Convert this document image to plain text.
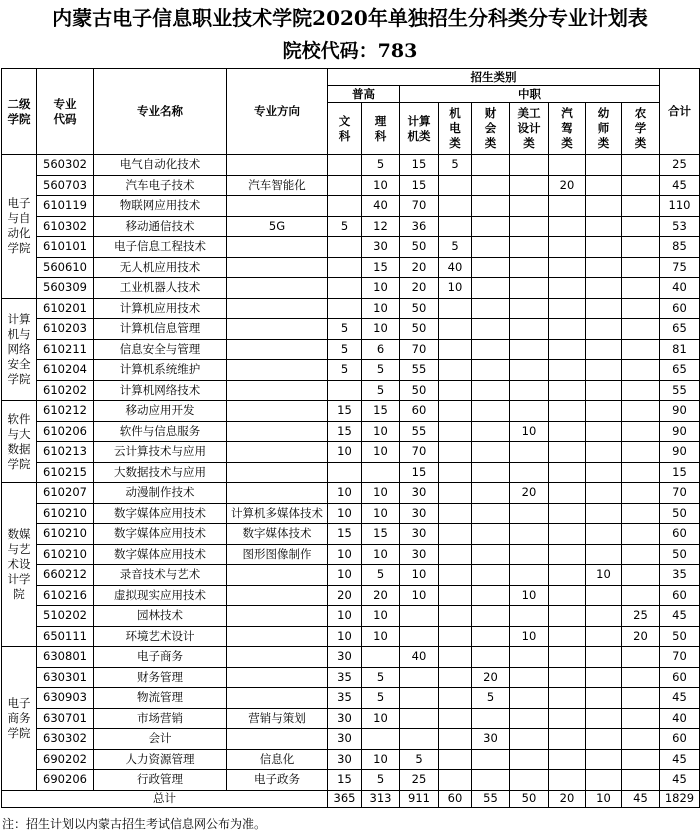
内蒙古电子信息职业技术学院2020年单独招生分科类分专业计划表
院校代码：783
二级学院	专业代码	专业名称	专业方向	招生类别									合计
				普高		中职							
				文科	理科	计算机类	机电类	财会类	美工设计类	汽驾类	幼师类	农学类	
电子与自动化学院	560302	电气自动化技术			5	15	5						25
	560703	汽车电子技术	汽车智能化		10	15				20			45
	610119	物联网应用技术			40	70							110
	610302	移动通信技术	5G	5	12	36							53
	610101	电子信息工程技术			30	50	5						85
	560610	无人机应用技术			15	20	40						75
	560309	工业机器人技术			10	20	10						40
计算机与网络安全学院	610201	计算机应用技术			10	50							60
	610203	计算机信息管理		5	10	50							65
	610211	信息安全与管理		5	6	70							81
	610204	计算机系统维护		5	5	55							65
	610202	计算机网络技术			5	50							55
软件与大数据学院	610212	移动应用开发		15	15	60							90
	610206	软件与信息服务		15	10	55			10				90
	610213	云计算技术与应用		10	10	70							90
	610215	大数据技术与应用				15							15
数媒与艺术设计学院	610207	动漫制作技术		10	10	30			20				70
	610210	数字媒体应用技术	计算机多媒体技术	10	10	30							50
	610210	数字媒体应用技术	数字媒体技术	15	15	30							60
	610210	数字媒体应用技术	图形图像制作	10	10	30							50
	660212	录音技术与艺术		10	5	10					10		35
	610216	虚拟现实应用技术		20	20	10			10				60
	510202	园林技术		10	10							25	45
	650111	环境艺术设计		10	10				10			20	50
电子商务学院	630801	电子商务		30		40							70
	630301	财务管理		35	5			20					60
	630903	物流管理		35	5			5					45
	630701	市场营销	营销与策划	30	10								40
	630302	会计		30				30					60
	690202	人力资源管理	信息化	30	10	5							45
	690206	行政管理	电子政务	15	5	25							45
总计				365	313	911	60	55	50	20	10	45	1829
注：招生计划以内蒙古招生考试信息网公布为准。
